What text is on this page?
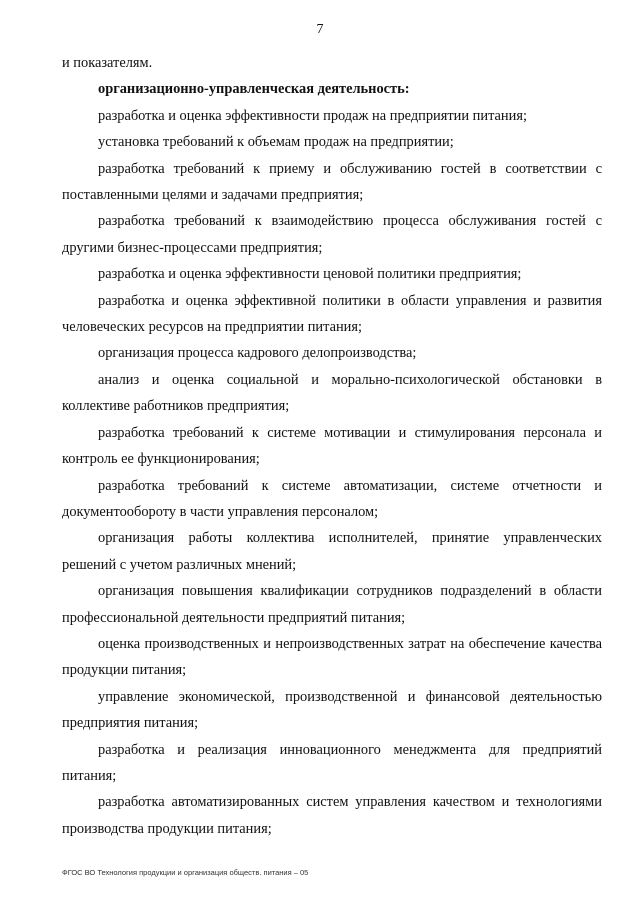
7

и показателям.

организационно-управленческая деятельность:

разработка и оценка эффективности продаж на предприятии питания;

установка требований к объемам продаж на предприятии;

разработка требований к приему и обслуживанию гостей в соответствии с поставленными целями и задачами предприятия;

разработка требований к взаимодействию процесса обслуживания гостей с другими бизнес-процессами предприятия;

разработка и оценка эффективности ценовой политики предприятия;

разработка и оценка эффективной политики в области управления и развития человеческих ресурсов на предприятии питания;

организация процесса кадрового делопроизводства;

анализ и оценка социальной и морально-психологической обстановки в коллективе работников предприятия;

разработка требований к системе мотивации и стимулирования персонала и контроль ее функционирования;

разработка требований к системе автоматизации, системе отчетности и документообороту в части управления персоналом;

организация работы коллектива исполнителей, принятие управленческих решений с учетом различных мнений;

организация повышения квалификации сотрудников подразделений в области профессиональной деятельности предприятий питания;

оценка производственных и непроизводственных затрат на обеспечение качества продукции питания;

управление экономической, производственной и финансовой деятельностью предприятия питания;

разработка и реализация инновационного менеджмента для предприятий питания;

разработка автоматизированных систем управления качеством и технологиями производства продукции питания;

ФГОС ВО Технология продукции и организация обществ. питания – 05
